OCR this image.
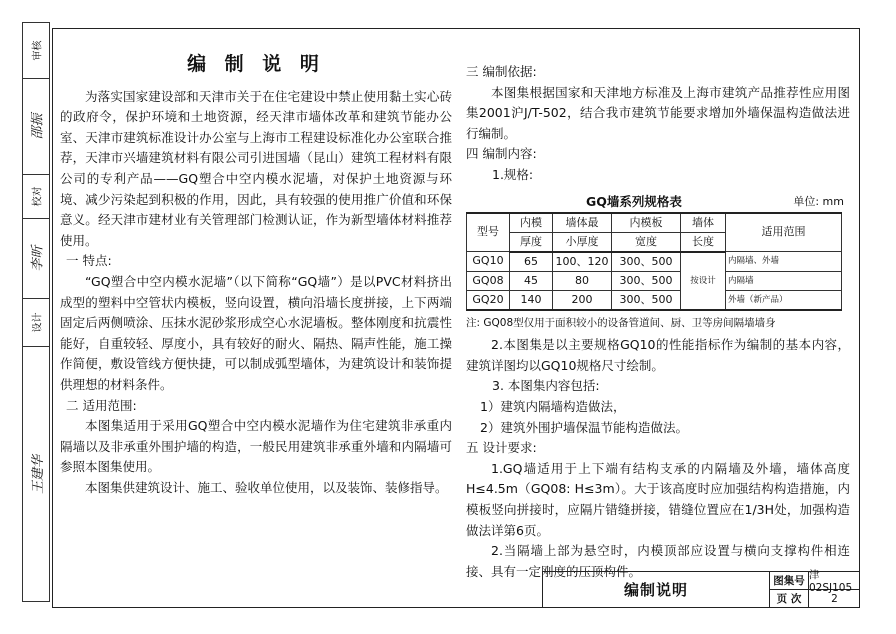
审核
邵振
校对
李昕
设计
王建华
编 制 说 明

为落实国家建设部和天津市关于在住宅建设中禁止使用黏土实心砖的政府令，保护环境和土地资源，经天津市墙体改革和建筑节能办公室、天津市建筑标准设计办公室与上海市工程建设标准化办公室联合推荐，天津市兴墙建筑材料有限公司引进国墙（昆山）建筑工程材料有限公司的专利产品——GQ塑合中空内模水泥墙，对保护土地资源与环境、减少污染起到积极的作用，因此，具有较强的使用推广价值和环保意义。经天津市建材业有关管理部门检测认证，作为新型墙体材料推荐使用。

一 特点:

“GQ塑合中空内模水泥墙”（以下简称“GQ墙”）是以PVC材料挤出成型的塑料中空管状内模板，竖向设置，横向沿墙长度拼接，上下两端固定后两侧喷涂、压抹水泥砂浆形成空心水泥墙板。整体刚度和抗震性能好，自重较轻、厚度小，具有较好的耐火、隔热、隔声性能，施工操作简便，敷设管线方便快捷，可以制成弧型墙体，为建筑设计和装饰提供理想的材料条件。

二 适用范围:

本图集适用于采用GQ塑合中空内模水泥墙作为住宅建筑非承重内隔墙以及非承重外围护墙的构造，一般民用建筑非承重外墙和内隔墙可参照本图集使用。

本图集供建筑设计、施工、验收单位使用，以及装饰、装修指导。

三 编制依据:

本图集根据国家和天津地方标准及上海市建筑产品推荐性应用图集2001沪J/T-502，结合我市建筑节能要求增加外墙保温构造做法进行编制。

四 编制内容:

1.规格:

GQ墙系列规格表	单位: mm
型号	内模	墙体最	内模板	墙体	适用范围
	厚度	小厚度	宽度	长度	
GQ10	65	100、120	300、500	按设计	内隔墙、外墙
GQ08	45	80	300、500		内隔墙
GQ20	140	200	300、500		外墙（新产品）

注: GQ08型仅用于面积较小的设备管道间、厨、卫等房间隔墙墙身

2.本图集是以主要规格GQ10的性能指标作为编制的基本内容，建筑详图均以GQ10规格尺寸绘制。

3. 本图集内容包括:

1）建筑内隔墙构造做法，

2）建筑外围护墙保温节能构造做法。

五 设计要求:

1.GQ墙适用于上下端有结构支承的内隔墙及外墙，墙体高度H≤4.5m（GQ08: H≤3m）。大于该高度时应加强结构构造措施，内模板竖向拼接时，应隔片错缝拼接，错缝位置应在1/3H处，加强构造做法详第6页。

2.当隔墙上部为悬空时，内模顶部应设置与横向支撑构件相连接、具有一定刚度的压顶构件。

编制说明	图集号 津02SJ105
页 次	2
